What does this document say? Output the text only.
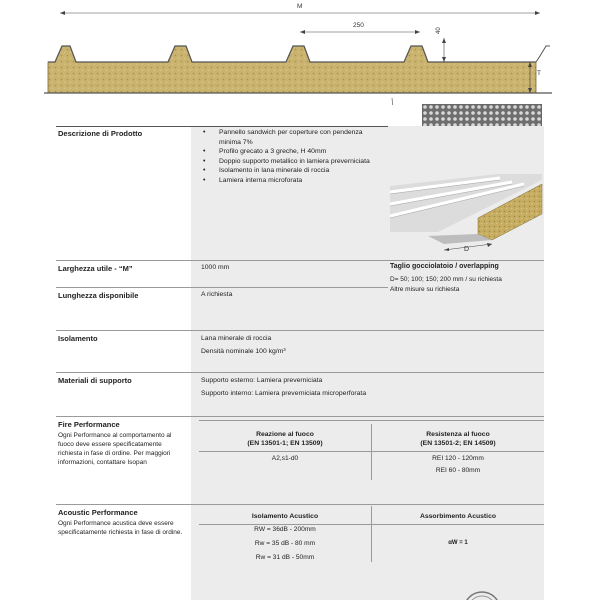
M
250
40
T
Descrizione di Prodotto
•	Pannello sandwich per coperture con pendenza minima 7%
• Profilo grecato a 3 greche, H 40mm
• Doppio supporto metallico in lamiera preverniciata
• Isolamento in lana minerale di roccia
• Lamiera interna microforata
D
Larghezza utile - “M”	1000 mm	Taglio gocciolatoio / overlapping
D= 50; 100; 150; 200 mm / su richiesta
Altre misure su richiesta
Lunghezza disponibile	A richiesta
Isolamento	Lana minerale di roccia
Densità nominale 100 kg/m³
Materiali di supporto	Supporto esterno: Lamiera preverniciata
Supporto interno: Lamiera preverniciata microperforata
Fire Performance
Ogni Performance al comportamento al fuoco deve essere specificatamente richiesta in fase di ordine. Per maggiori informazioni, contattare Isopan
Reazione al fuoco
(EN 13501-1; EN 13509)
Resistenza al fuoco
(EN 13501-2; EN 14509)
A2,s1-d0	REI 120 - 120mm
REI 60 - 80mm
Acoustic Performance
Ogni Performance acustica deve essere specificatamente richiesta in fase di ordine.
Isolamento Acustico	Assorbimento Acustico
RW = 36dB - 200mm
Rw = 35 dB - 80 mm
Rw = 31 dB - 50mm
αW = 1
